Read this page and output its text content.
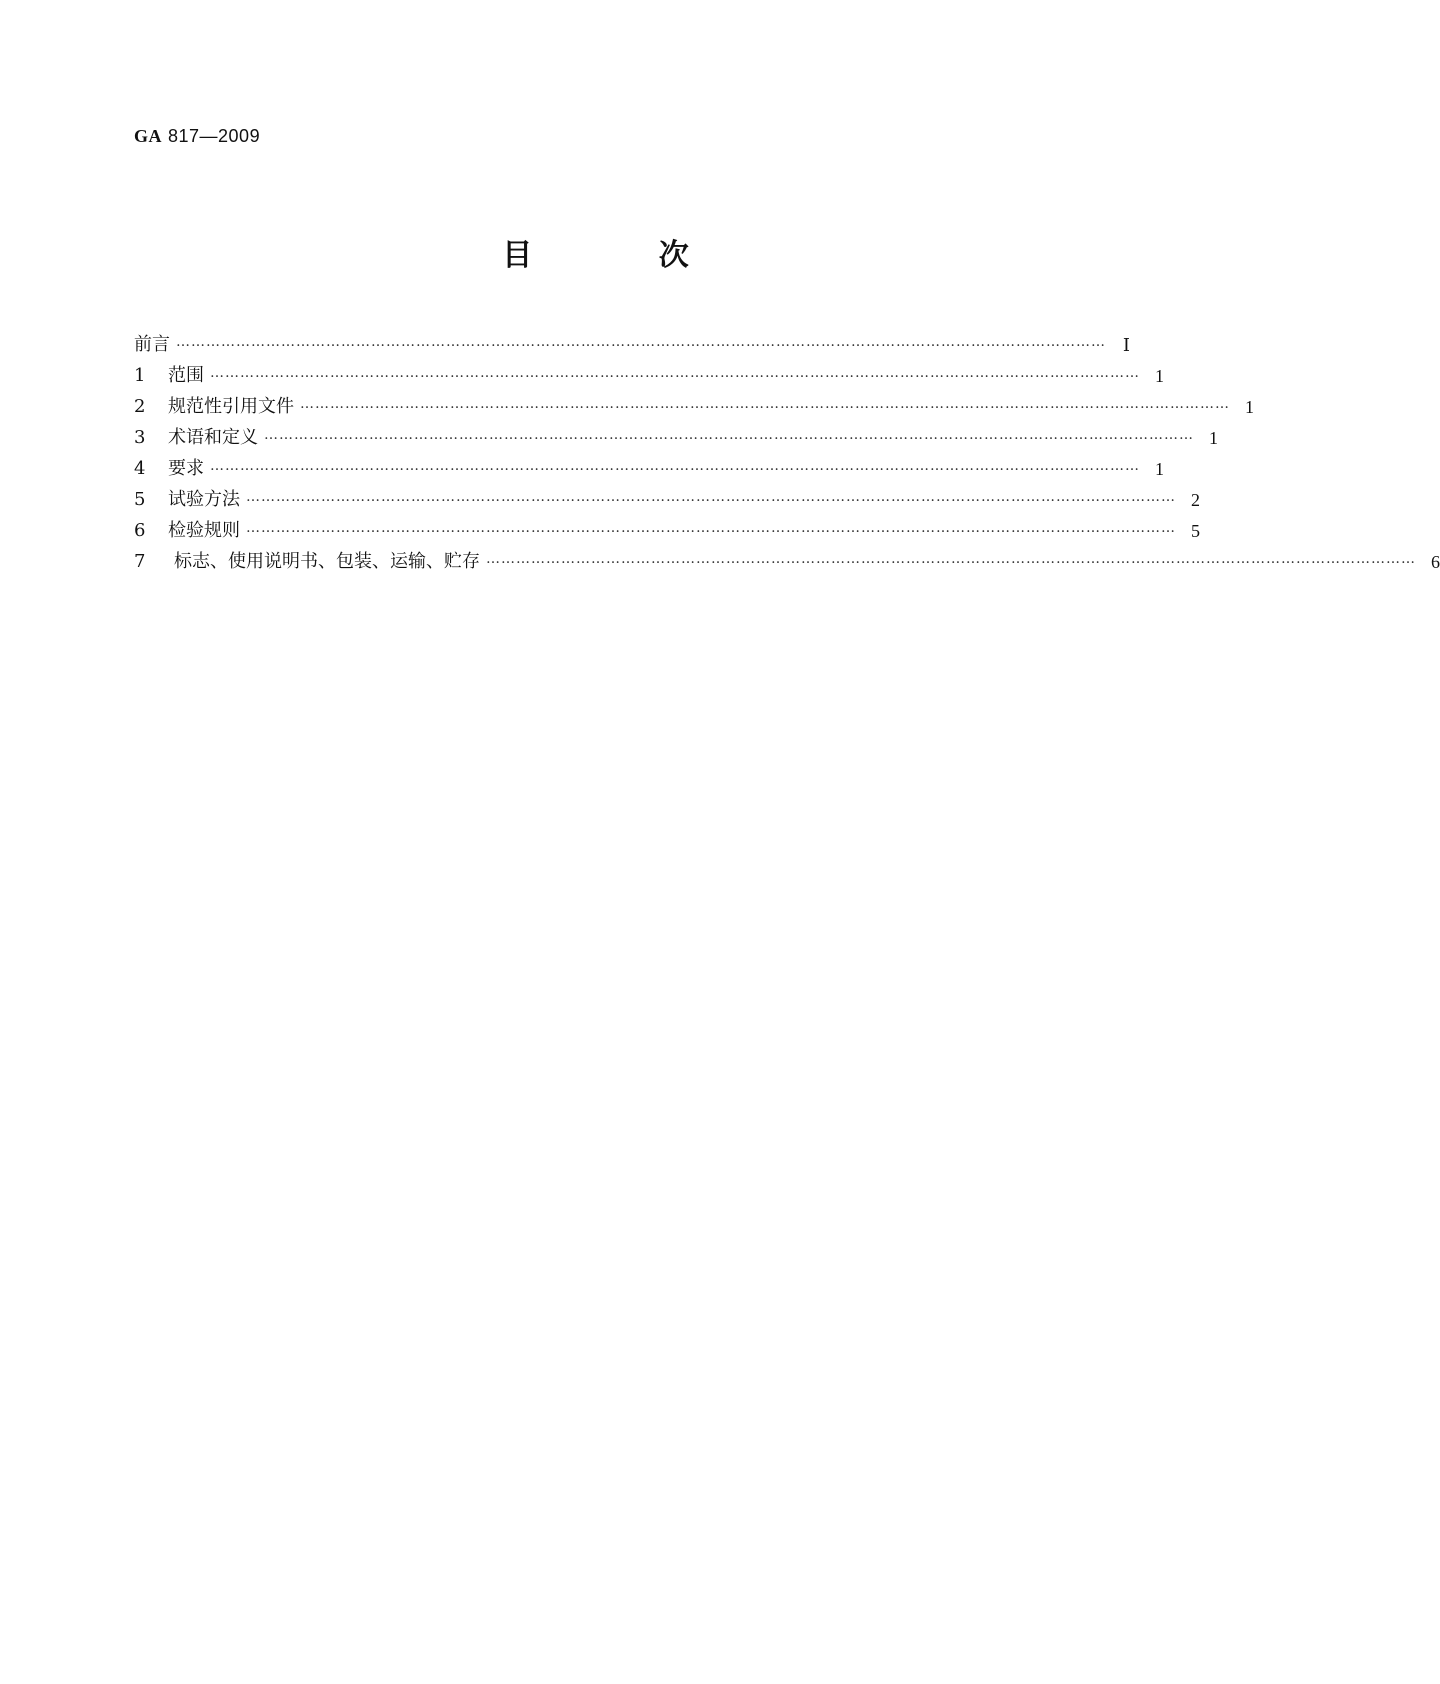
GA 817—2009
目 次
前言 …………………………………………………………………………………………………………………………………………………………………… Ⅰ
1 范围 …………………………………………………………………………………………………………………………………………………………………… 1
2 规范性引用文件 …………………………………………………………………………………………………………………………………………………………………… 1
3 术语和定义 …………………………………………………………………………………………………………………………………………………………………… 1
4 要求 …………………………………………………………………………………………………………………………………………………………………… 1
5 试验方法 …………………………………………………………………………………………………………………………………………………………………… 2
6 检验规则 …………………………………………………………………………………………………………………………………………………………………… 5
7 标志、使用说明书、包装、运输、贮存 …………………………………………………………………………………………………………………………………………………………………… 6
